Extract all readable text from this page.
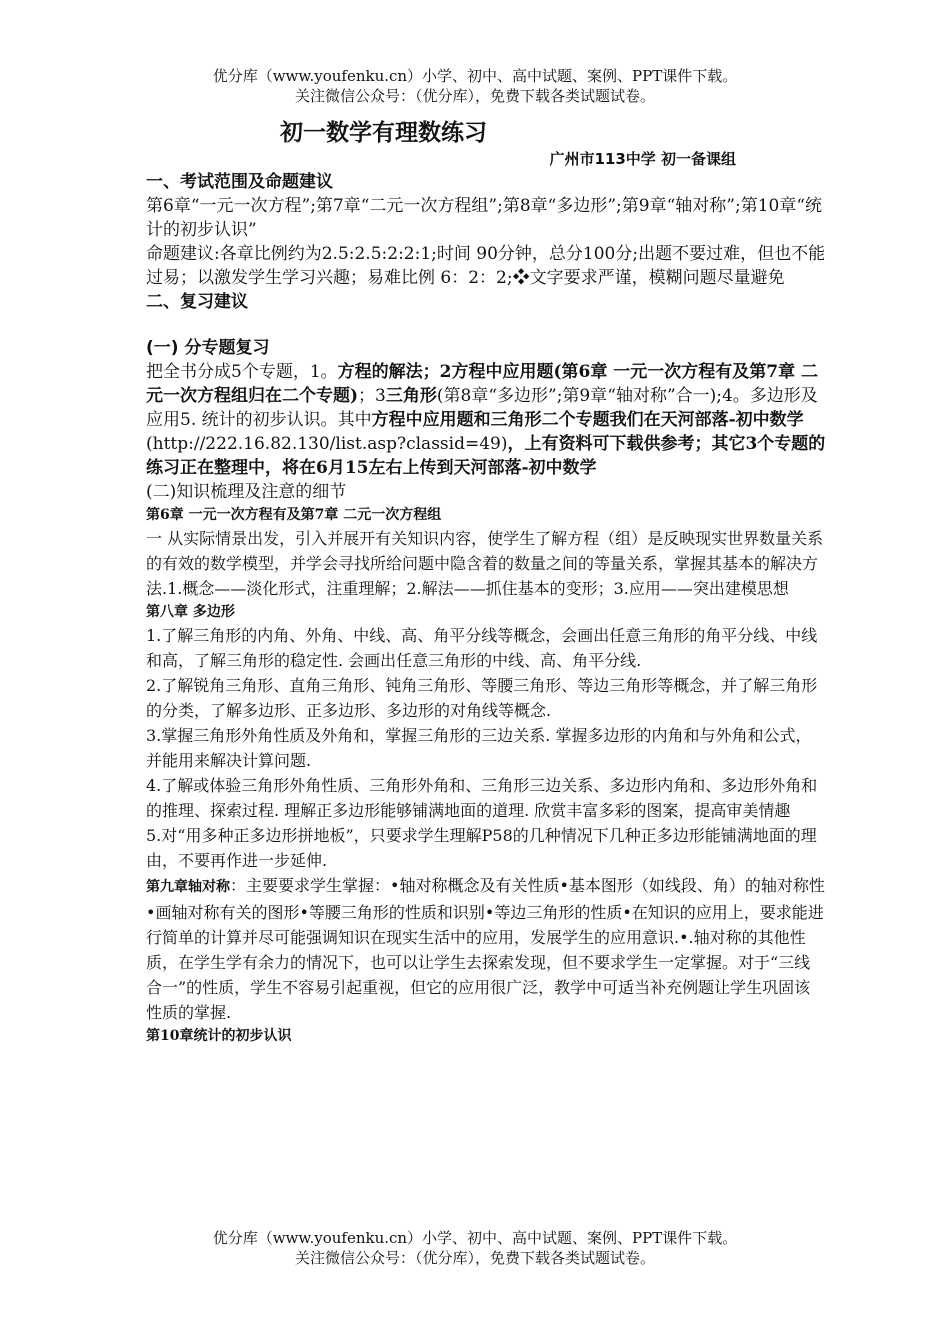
优分库（www.youfenku.cn）小学、初中、高中试题、案例、PPT课件下载。
关注微信公众号：（优分库），免费下载各类试题试卷。
初一数学有理数练习
广州市113中学 初一备课组
一、考试范围及命题建议

第6章“一元一次方程”;第7章“二元一次方程组”;第8章“多边形”;第9章“轴对称”;第10章“统计的初步认识”

命题建议:各章比例约为2.5:2.5:2:2:1;时间 90分钟，总分100分;出题不要过难，但也不能过易；以激发学生学习兴趣；易难比例 6：2：2;❖文字要求严谨，模糊问题尽量避免

二、复习建议
(一) 分专题复习

把全书分成5个专题，1。方程的解法；2方程中应用题(第6章 一元一次方程有及第7章 二元一次方程组归在二个专题)；3三角形(第8章“多边形”;第9章“轴对称”合一);4。多边形及应用5. 统计的初步认识。其中方程中应用题和三角形二个专题我们在天河部落-初中数学(http://222.16.82.130/list.asp?classid=49)，上有资料可下载供参考；其它3个专题的练习正在整理中，将在6月15左右上传到天河部落-初中数学

(二)知识梳理及注意的细节

第6章 一元一次方程有及第7章 二元一次方程组

一 从实际情景出发，引入并展开有关知识内容，使学生了解方程（组）是反映现实世界数量关系的有效的数学模型，并学会寻找所给问题中隐含着的数量之间的等量关系，掌握其基本的解决方法.1.概念——淡化形式，注重理解；2.解法——抓住基本的变形；3.应用——突出建模思想

第八章 多边形

1.了解三角形的内角、外角、中线、高、角平分线等概念，会画出任意三角形的角平分线、中线和高，了解三角形的稳定性. 会画出任意三角形的中线、高、角平分线.

2.了解锐角三角形、直角三角形、钝角三角形、等腰三角形、等边三角形等概念，并了解三角形的分类，了解多边形、正多边形、多边形的对角线等概念.

3.掌握三角形外角性质及外角和，掌握三角形的三边关系. 掌握多边形的内角和与外角和公式，并能用来解决计算问题.

4.了解或体验三角形外角性质、三角形外角和、三角形三边关系、多边形内角和、多边形外角和的推理、探索过程. 理解正多边形能够铺满地面的道理. 欣赏丰富多彩的图案，提高审美情趣

5.对“用多种正多边形拼地板”，只要求学生理解P58的几种情况下几种正多边形能铺满地面的理由，不要再作进一步延伸.

第九章轴对称：主要要求学生掌握：•轴对称概念及有关性质•基本图形（如线段、角）的轴对称性•画轴对称有关的图形•等腰三角形的性质和识别•等边三角形的性质•在知识的应用上，要求能进行简单的计算并尽可能强调知识在现实生活中的应用，发展学生的应用意识.•.轴对称的其他性质，在学生学有余力的情况下，也可以让学生去探索发现，但不要求学生一定掌握。对于“三线合一”的性质，学生不容易引起重视，但它的应用很广泛，教学中可适当补充例题让学生巩固该性质的掌握.

第10章统计的初步认识
优分库（www.youfenku.cn）小学、初中、高中试题、案例、PPT课件下载。
关注微信公众号：（优分库），免费下载各类试题试卷。
